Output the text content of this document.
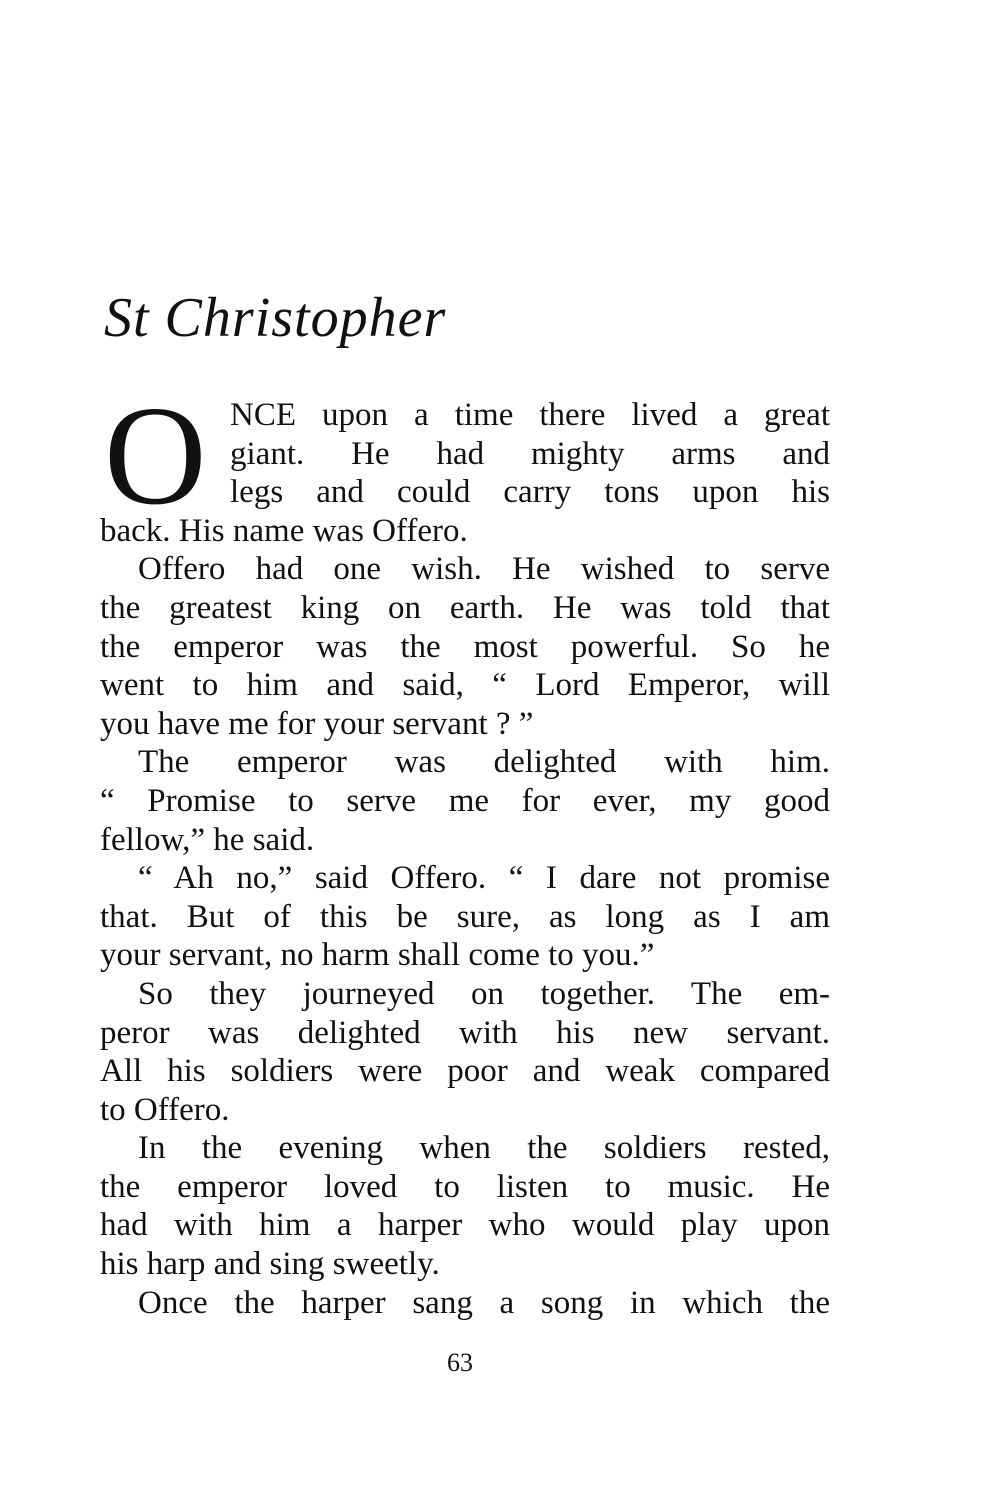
St Christopher
O NCE upon a time there lived a great
giant. He had mighty arms and
legs and could carry tons upon his
back. His name was Offero.
Offero had one wish. He wished to serve
the greatest king on earth. He was told that
the emperor was the most powerful. So he
went to him and said, “ Lord Emperor, will
you have me for your servant ? ”
The emperor was delighted with him.
“ Promise to serve me for ever, my good
fellow,” he said.
“ Ah no,” said Offero. “ I dare not promise
that. But of this be sure, as long as I am
your servant, no harm shall come to you.”
So they journeyed on together. The em-
peror was delighted with his new servant.
All his soldiers were poor and weak compared
to Offero.
In the evening when the soldiers rested,
the emperor loved to listen to music. He
had with him a harper who would play upon
his harp and sing sweetly.
Once the harper sang a song in which the
63
